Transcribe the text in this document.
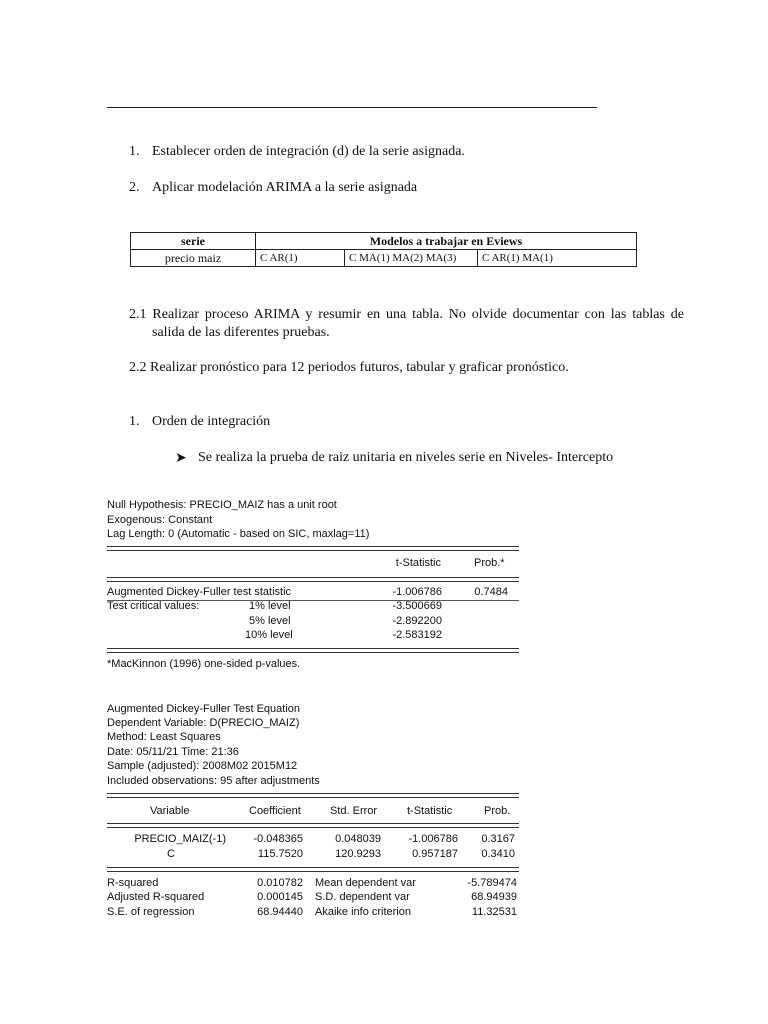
1. Establecer orden de integración (d) de la serie asignada.
2. Aplicar modelación ARIMA a la serie asignada
serie	Modelos a trabajar en Eviews		
precio maiz	C AR(1)	C MA(1) MA(2) MA(3)	C AR(1) MA(1)
2.1 Realizar proceso ARIMA y resumir en una tabla. No olvide documentar con las tablas de salida de las diferentes pruebas.
2.2 Realizar pronóstico para 12 periodos futuros, tabular y graficar pronóstico.
1. Orden de integración
➤ Se realiza la prueba de raiz unitaria en niveles serie en Niveles- Intercepto
Null Hypothesis: PRECIO_MAIZ has a unit root
Exogenous: Constant
Lag Length: 0 (Automatic - based on SIC, maxlag=11)
t-Statistic	Prob.*
Augmented Dickey-Fuller test statistic	-1.006786	0.7484
Test critical values:	1% level	-3.500669
5% level	-2.892200
10% level	-2.583192
*MacKinnon (1996) one-sided p-values.
Augmented Dickey-Fuller Test Equation
Dependent Variable: D(PRECIO_MAIZ)
Method: Least Squares
Date: 05/11/21 Time: 21:36
Sample (adjusted): 2008M02 2015M12
Included observations: 95 after adjustments
Variable	Coefficient	Std. Error	t-Statistic	Prob.
PRECIO_MAIZ(-1) -0.048365	0.048039 -1.006786 0.3167
C	115.7520	120.9293	0.957187 0.3410
R-squared	0.010782 Mean dependent var	-5.789474
Adjusted R-squared	0.000145 S.D. dependent var	68.94939
S.E. of regression	68.94440 Akaike info criterion	11.32531
